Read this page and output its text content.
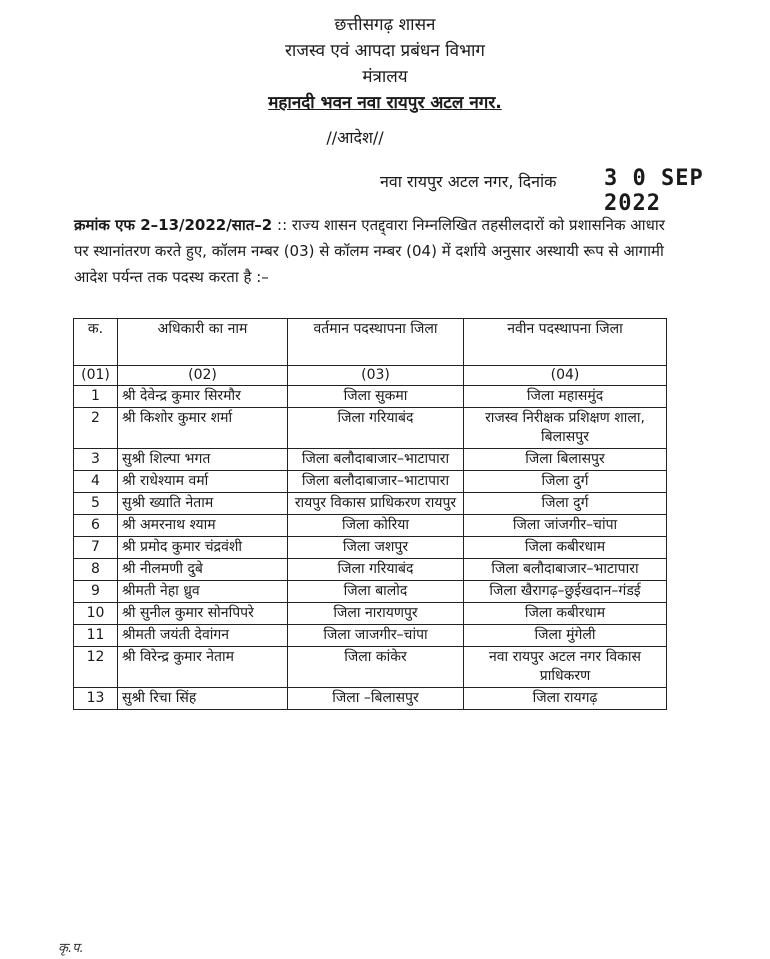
छत्तीसगढ़ शासन
राजस्व एवं आपदा प्रबंधन विभाग
मंत्रालय
महानदी भवन नवा रायपुर अटल नगर.
//आदेश//
नवा रायपुर अटल नगर, दिनांक 3 0 SEP 2022
क्रमांक एफ 2–13/2022/सात–2 :: राज्य शासन एतद्द्वारा निम्नलिखित तहसीलदारों को प्रशासनिक आधार पर स्थानांतरण करते हुए, कॉलम नम्बर (03) से कॉलम नम्बर (04) में दर्शाये अनुसार अस्थायी रूप से आगामी आदेश पर्यन्त तक पदस्थ करता है :–
क.	अधिकारी का नाम	वर्तमान पदस्थापना जिला	नवीन पदस्थापना जिला
(01)	(02)	(03)	(04)
1	श्री देवेन्द्र कुमार सिरमौर	जिला सुकमा	जिला महासमुंद
2	श्री किशोर कुमार शर्मा	जिला गरियाबंद	राजस्व निरीक्षक प्रशिक्षण शाला, बिलासपुर
3	सुश्री शिल्पा भगत	जिला बलौदाबाजार–भाटापारा	जिला बिलासपुर
4	श्री राधेश्याम वर्मा	जिला बलौदाबाजार–भाटापारा	जिला दुर्ग
5	सुश्री ख्याति नेताम	रायपुर विकास प्राधिकरण रायपुर	जिला दुर्ग
6	श्री अमरनाथ श्याम	जिला कोरिया	जिला जांजगीर–चांपा
7	श्री प्रमोद कुमार चंद्रवंशी	जिला जशपुर	जिला कबीरधाम
8	श्री नीलमणी दुबे	जिला गरियाबंद	जिला बलौदाबाजार–भाटापारा
9	श्रीमती नेहा ध्रुव	जिला बालोद	जिला खैरागढ़–छुईखदान–गंडई
10	श्री सुनील कुमार सोनपिपरे	जिला नारायणपुर	जिला कबीरधाम
11	श्रीमती जयंती देवांगन	जिला जाजगीर–चांपा	जिला मुंगेली
12	श्री विरेन्द्र कुमार नेताम	जिला कांकेर	नवा रायपुर अटल नगर विकास प्राधिकरण
13	सुश्री रिचा सिंह	जिला –बिलासपुर	जिला रायगढ़
कृ.प.
